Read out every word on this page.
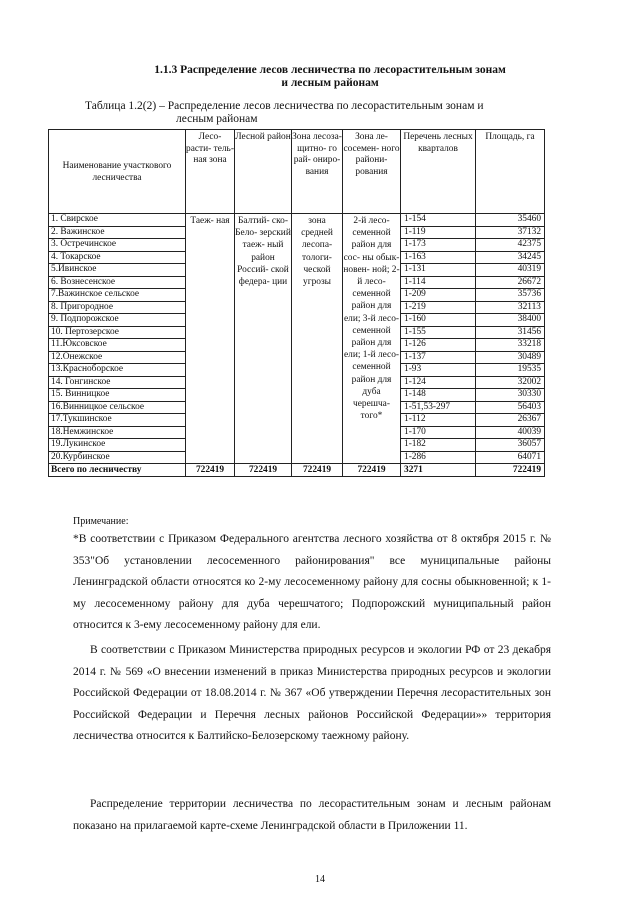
1.1.3 Распределение лесов лесничества по лесорастительным зонам
и лесным районам
Таблица 1.2(2) – Распределение лесов лесничества по лесорастительным зонам и
лесным районам
Наименование участкового лесничества	Лесо- расти- тель- ная зона	Лесной район	Зона лесоза- щитно- го рай- ониро- вания	Зона ле- сосемен- ного райони- рования	Перечень лесных кварталов	Площадь, га
1. Свирское	Таеж- ная	Балтий- ско- Бело- зерский таеж- ный район Россий- ской федера- ции	зона средней лесопа- тологи- ческой угрозы	2-й лесо- семенной район для сос- ны обык- новен- ной; 2-й лесо- семенной район для ели; 3-й лесо- семенной район для ели; 1-й лесо- семенной район для дуба черешча- того*	1-154	35460
2. Важинское					1-119	37132
3. Остречинское					1-173	42375
4. Токарское					1-163	34245
5.Ивинское					1-131	40319
6. Вознесенское					1-114	26672
7.Важинское сельское					1-209	35736
8. Пригородное					1-219	32113
9. Подпорожское					1-160	38400
10. Пертозерское					1-155	31456
11.Юксовское					1-126	33218
12.Онежское					1-137	30489
13.Красноборское					1-93	19535
14. Гонгинское					1-124	32002
15. Винницкое					1-148	30330
16.Винницкое сельское					1-51,53-297	56403
17.Тукшинское					1-112	26367
18.Немжинское					1-170	40039
19.Лукинское					1-182	36057
20.Курбинское					1-286	64071
Всего по лесничеству	722419	722419	722419	722419	3271	722419
Примечание:

*В соответствии с Приказом Федерального агентства лесного хозяйства от 8 октября 2015 г. № 353"Об установлении лесосеменного районирования" все муниципальные районы Ленинградской области относятся ко 2-му лесосеменному району для сосны обыкновенной; к 1-му лесосеменному району для дуба черешчатого; Подпорожский муниципальный район относится к 3-ему лесосеменному району для ели.

В соответствии с Приказом Министерства природных ресурсов и экологии РФ от 23 декабря 2014 г. № 569 «О внесении изменений в приказ Министерства природных ресурсов и экологии Российской Федерации от 18.08.2014 г. № 367 «Об утверждении Перечня лесорастительных зон Российской Федерации и Перечня лесных районов Российской Федерации»» территория лесничества относится к Балтийско-Белозерскому таежному району.

Распределение территории лесничества по лесорастительным зонам и лесным районам показано на прилагаемой карте-схеме Ленинградской области в Приложении 11.

14
